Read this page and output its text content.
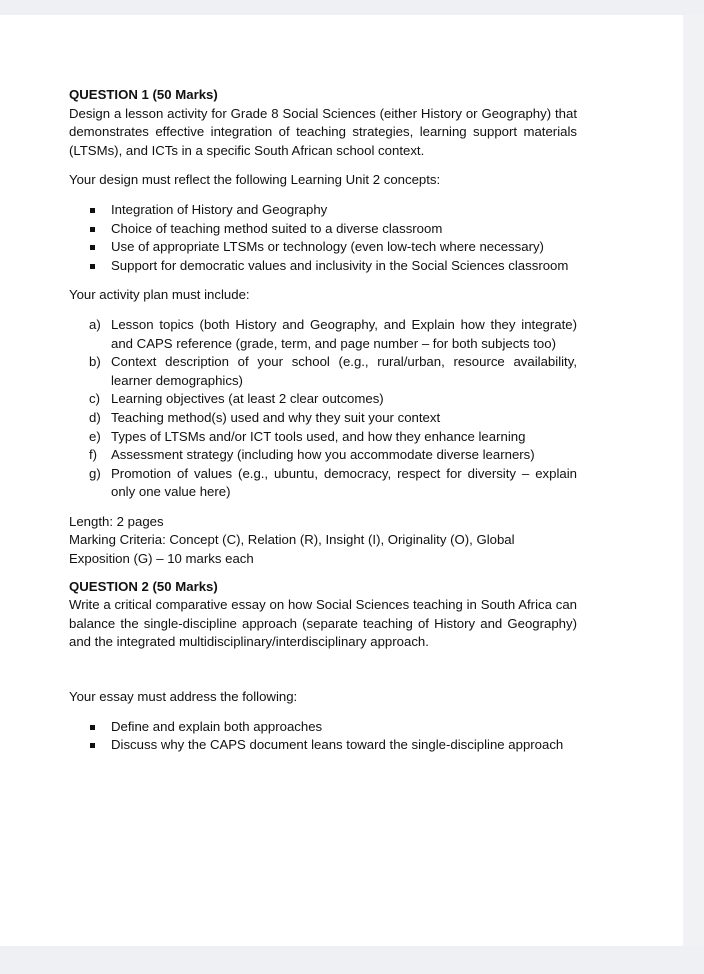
QUESTION 1 (50 Marks)

Design a lesson activity for Grade 8 Social Sciences (either History or Geography) that demonstrates effective integration of teaching strategies, learning support materials (LTSMs), and ICTs in a specific South African school context.

Your design must reflect the following Learning Unit 2 concepts:

Integration of History and Geography
Choice of teaching method suited to a diverse classroom
Use of appropriate LTSMs or technology (even low-tech where necessary)
Support for democratic values and inclusivity in the Social Sciences classroom

Your activity plan must include:

a) Lesson topics (both History and Geography, and Explain how they integrate) and CAPS reference (grade, term, and page number – for both subjects too)
b) Context description of your school (e.g., rural/urban, resource availability, learner demographics)
c) Learning objectives (at least 2 clear outcomes)
d) Teaching method(s) used and why they suit your context
e) Types of LTSMs and/or ICT tools used, and how they enhance learning
f) Assessment strategy (including how you accommodate diverse learners)
g) Promotion of values (e.g., ubuntu, democracy, respect for diversity – explain only one value here)

Length: 2 pages

Marking Criteria: Concept (C), Relation (R), Insight (I), Originality (O), Global Exposition (G) – 10 marks each

QUESTION 2 (50 Marks)

Write a critical comparative essay on how Social Sciences teaching in South Africa can balance the single-discipline approach (separate teaching of History and Geography) and the integrated multidisciplinary/interdisciplinary approach.

Your essay must address the following:

Define and explain both approaches
Discuss why the CAPS document leans toward the single-discipline approach
